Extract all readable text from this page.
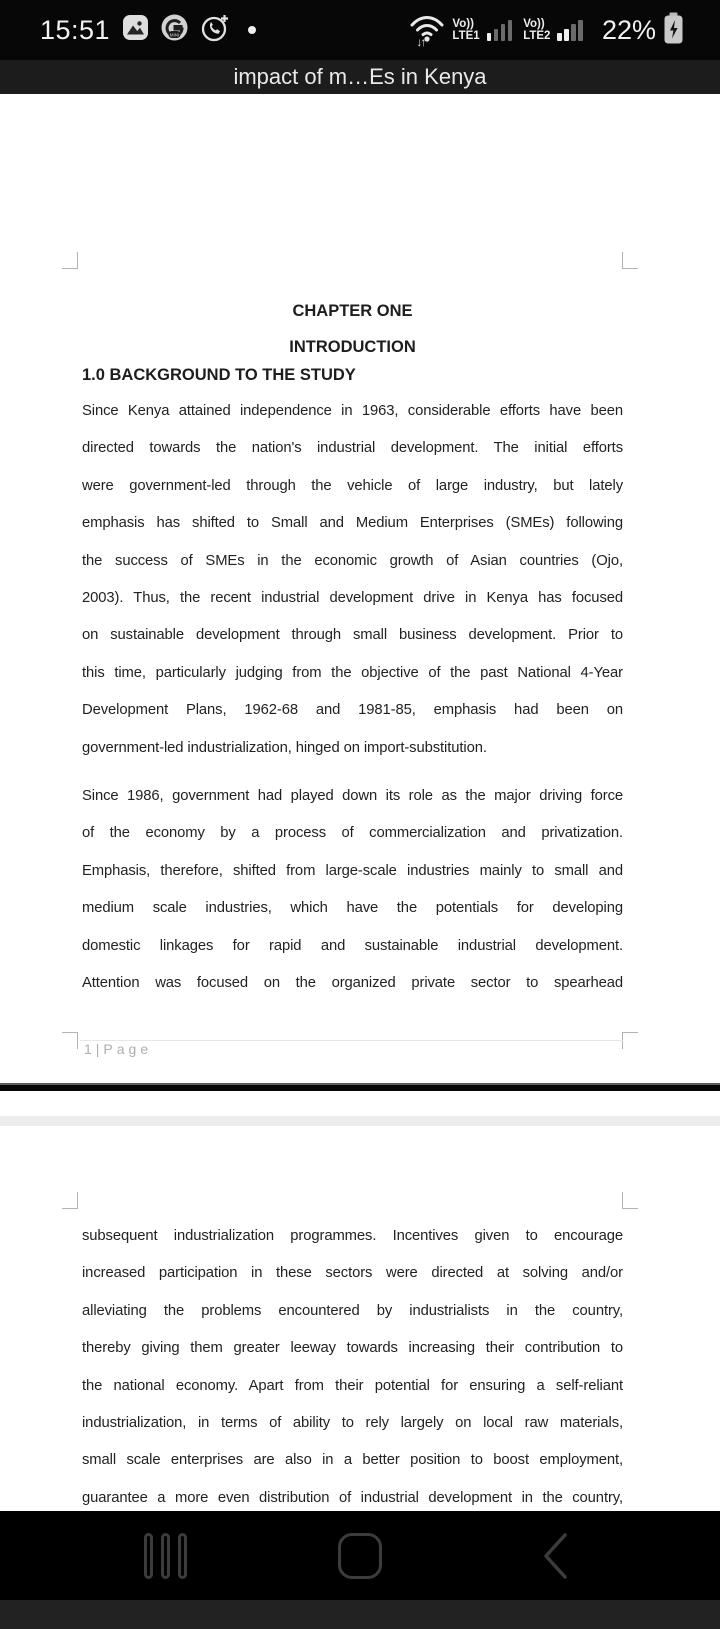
15:51	MINI
↓↑
Vo))
LTE1
Vo))
LTE2 22%
impact of m…Es in Kenya
CHAPTER ONE
INTRODUCTION
1.0 BACKGROUND TO THE STUDY
Since Kenya attained independence in 1963, considerable efforts have been
directed towards the nation's industrial development. The initial efforts
were government-led through the vehicle of large industry, but lately
emphasis has shifted to Small and Medium Enterprises (SMEs) following
the success of SMEs in the economic growth of Asian countries (Ojo,
2003). Thus, the recent industrial development drive in Kenya has focused
on sustainable development through small business development. Prior to
this time, particularly judging from the objective of the past National 4-Year
Development Plans, 1962-68 and 1981-85, emphasis had been on
government-led industrialization, hinged on import-substitution.
Since 1986, government had played down its role as the major driving force
of the economy by a process of commercialization and privatization.
Emphasis, therefore, shifted from large-scale industries mainly to small and
medium scale industries, which have the potentials for developing
domestic linkages for rapid and sustainable industrial development.
Attention was focused on the organized private sector to spearhead
1|Page
subsequent industrialization programmes. Incentives given to encourage
increased participation in these sectors were directed at solving and/or
alleviating the problems encountered by industrialists in the country,
thereby giving them greater leeway towards increasing their contribution to
the national economy. Apart from their potential for ensuring a self-reliant
industrialization, in terms of ability to rely largely on local raw materials,
small scale enterprises are also in a better position to boost employment,
guarantee a more even distribution of industrial development in the country,
Ogundele, Adeoye and Akinlabi (2008), micro/cottage industry is an
